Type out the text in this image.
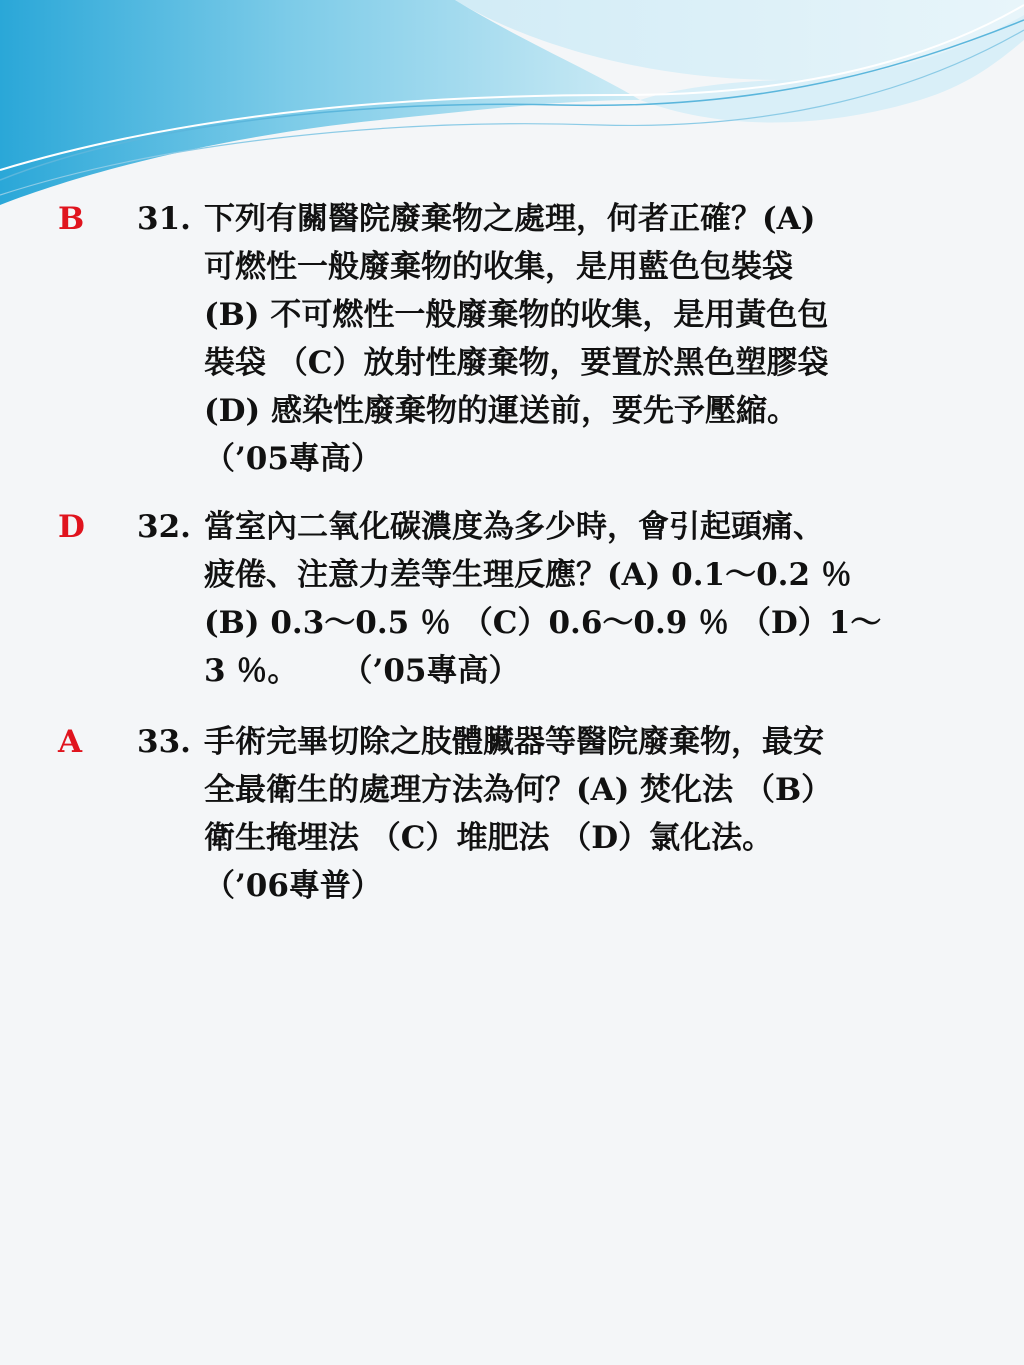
B 31. 下列有關醫院廢棄物之處理，何者正確？(A)
可燃性一般廢棄物的收集，是用藍色包裝袋
(B) 不可燃性一般廢棄物的收集，是用黃色包
裝袋 （C）放射性廢棄物，要置於黑色塑膠袋
(D) 感染性廢棄物的運送前，要先予壓縮。
（’05專高）
D 32. 當室內二氧化碳濃度為多少時，會引起頭痛、
疲倦、注意力差等生理反應？(A) 0.1～0.2 ％
(B) 0.3～0.5 ％ （C）0.6～0.9 ％ （D）1～
3 ％。    （’05專高）
A 33. 手術完畢切除之肢體臟器等醫院廢棄物，最安
全最衛生的處理方法為何？(A) 焚化法 （B）
衛生掩埋法 （C）堆肥法 （D）氯化法。
（’06專普）
